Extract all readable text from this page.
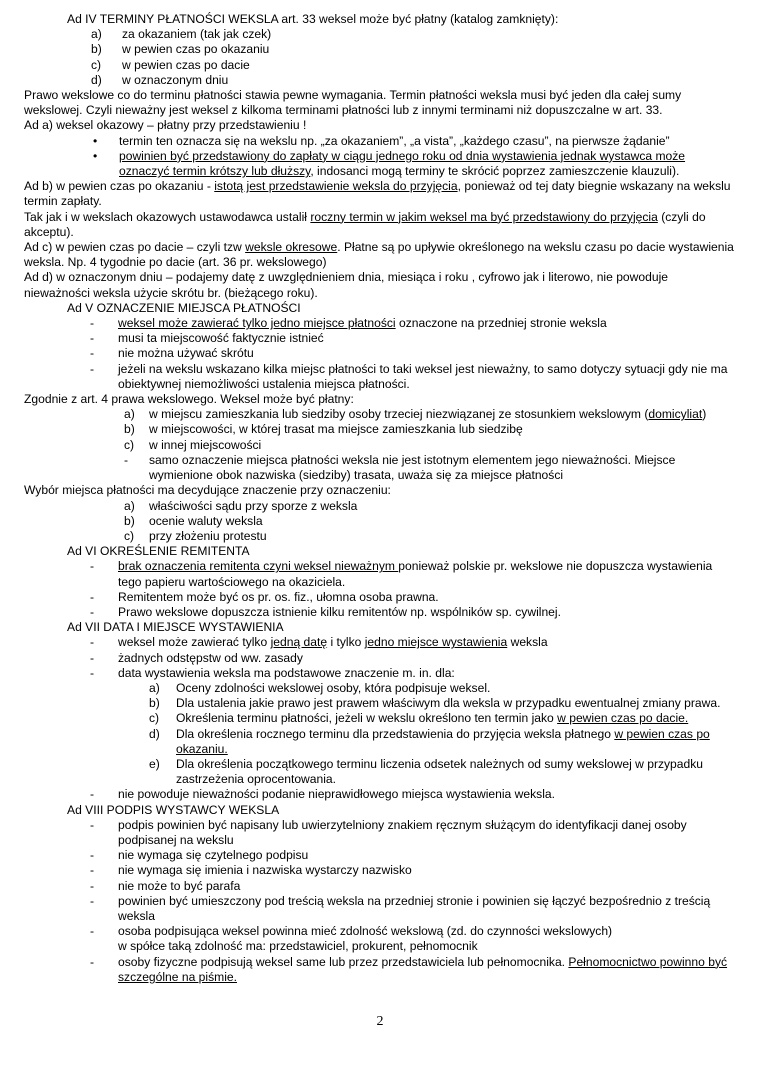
Ad IV TERMINY PŁATNOŚCI WEKSLA art. 33 weksel może być płatny (katalog zamknięty):

a)	za okazaniem (tak jak czek)
b)	w pewien czas po okazaniu
c)	w pewien czas po dacie
d)	w oznaczonym dniu

Prawo wekslowe co do terminu płatności stawia pewne wymagania. Termin płatności weksla musi być jeden dla całej sumy wekslowej. Czyli nieważny jest weksel z kilkoma terminami płatności lub z innymi terminami niż dopuszczalne w art. 33.

Ad a) weksel okazowy – płatny przy przedstawieniu !

•	termin ten oznacza się na wekslu np. „za okazaniem”, „a vista”, „każdego czasu”, na pierwsze żądanie”
•	powinien być przedstawiony do zapłaty w ciągu jednego roku od dnia wystawienia jednak wystawca może oznaczyć termin krótszy lub dłuższy, indosanci mogą terminy te skrócić poprzez zamieszczenie klauzuli).

Ad b) w pewien czas po okazaniu - istotą jest przedstawienie weksla do przyjęcia, ponieważ od tej daty biegnie wskazany na wekslu termin zapłaty.

Tak jak i w wekslach okazowych ustawodawca ustalił roczny termin w jakim weksel ma być przedstawiony do przyjęcia (czyli do akceptu).

Ad c) w pewien czas po dacie – czyli tzw weksle okresowe. Płatne są po upływie określonego na wekslu czasu po dacie wystawienia weksla. Np. 4 tygodnie po dacie (art. 36 pr. wekslowego)

Ad d) w oznaczonym dniu – podajemy datę z uwzględnieniem dnia, miesiąca i roku , cyfrowo jak i literowo, nie powoduje nieważności weksla użycie skrótu br. (bieżącego roku).

Ad V OZNACZENIE MIEJSCA PŁATNOŚCI

-	weksel może zawierać tylko jedno miejsce płatności oznaczone na przedniej stronie weksla
-	musi ta miejscowość faktycznie istnieć
-	nie można używać skrótu
-	jeżeli na wekslu wskazano kilka miejsc płatności to taki weksel jest nieważny, to samo dotyczy sytuacji gdy nie ma obiektywnej niemożliwości ustalenia miejsca płatności.

Zgodnie z art. 4 prawa wekslowego. Weksel może być płatny:

a)	w miejscu zamieszkania lub siedziby osoby trzeciej niezwiązanej ze stosunkiem wekslowym (domicyliat)
b)	w miejscowości, w której trasat ma miejsce zamieszkania lub siedzibę
c)	w innej miejscowości
-	samo oznaczenie miejsca płatności weksla nie jest istotnym elementem jego nieważności. Miejsce wymienione obok nazwiska (siedziby) trasata, uważa się za miejsce płatności

Wybór miejsca płatności ma decydujące znaczenie przy oznaczeniu:

a)	właściwości sądu przy sporze z weksla
b)	ocenie waluty weksla
c)	przy złożeniu protestu

Ad VI OKREŚLENIE REMITENTA

-	brak oznaczenia remitenta czyni weksel nieważnym ponieważ polskie pr. wekslowe nie dopuszcza wystawienia tego papieru wartościowego na okaziciela.
-	Remitentem może być os pr. os. fiz., ułomna osoba prawna.
-	Prawo wekslowe dopuszcza istnienie kilku remitentów np. wspólników sp. cywilnej.

Ad VII DATA I MIEJSCE WYSTAWIENIA

-	weksel może zawierać tylko jedną datę i tylko jedno miejsce wystawienia weksla
-	żadnych odstępstw od ww. zasady
-	data wystawienia weksla ma podstawowe znaczenie m. in. dla:
a)	Oceny zdolności wekslowej osoby, która podpisuje weksel.
b)	Dla ustalenia jakie prawo jest prawem właściwym dla weksla w przypadku ewentualnej zmiany prawa.
c)	Określenia terminu płatności, jeżeli w wekslu określono ten termin jako w pewien czas po dacie.
d)	Dla określenia rocznego terminu dla przedstawienia do przyjęcia weksla płatnego w pewien czas po okazaniu.
e)	Dla określenia początkowego terminu liczenia odsetek należnych od sumy wekslowej w przypadku zastrzeżenia oprocentowania.
-	nie powoduje nieważności podanie nieprawidłowego miejsca wystawienia weksla.

Ad VIII PODPIS WYSTAWCY WEKSLA

-	podpis powinien być napisany lub uwierzytelniony znakiem ręcznym służącym do identyfikacji danej osoby podpisanej na wekslu
-	nie wymaga się czytelnego podpisu
-	nie wymaga się imienia i nazwiska wystarczy nazwisko
-	nie może to być parafa
-	powinien być umieszczony pod treścią weksla na przedniej stronie i powinien się łączyć bezpośrednio z treścią weksla
-	osoba podpisująca weksel powinna mieć zdolność wekslową (zd. do czynności wekslowych)
w spółce taką zdolność ma: przedstawiciel, prokurent, pełnomocnik
-	osoby fizyczne podpisują weksel same lub przez przedstawiciela lub pełnomocnika. Pełnomocnictwo powinno być szczególne na piśmie.
2
